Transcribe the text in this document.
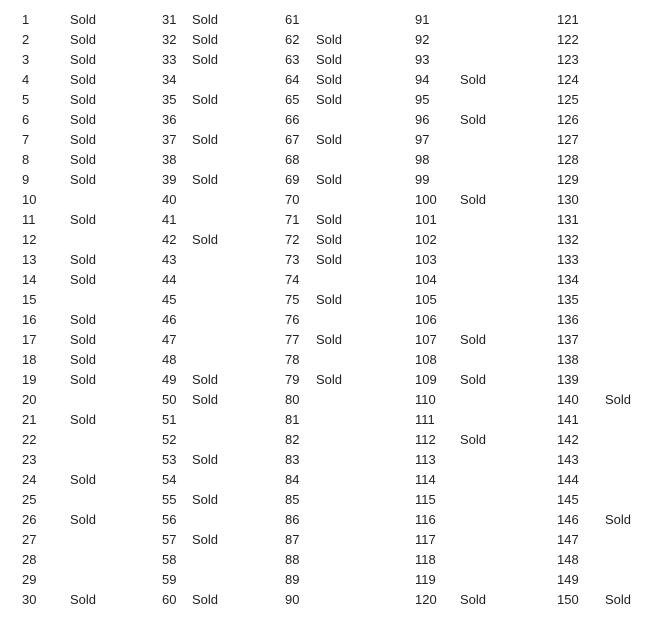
1	Sold
2	Sold
3	Sold
4	Sold
5	Sold
6	Sold
7	Sold
8	Sold
9	Sold
10
11	Sold
12
13	Sold
14	Sold
15
16	Sold
17	Sold
18	Sold
19	Sold
20
21	Sold
22
23
24	Sold
25
26	Sold
27
28
29
30	Sold
31	Sold
32	Sold
33	Sold
34
35	Sold
36
37	Sold
38
39	Sold
40
41
42	Sold
43
44
45
46
47
48
49	Sold
50	Sold
51
52
53	Sold
54
55	Sold
56
57	Sold
58
59
60	Sold
61
62	Sold
63	Sold
64	Sold
65	Sold
66
67	Sold
68
69	Sold
70
71	Sold
72	Sold
73	Sold
74
75	Sold
76
77	Sold
78
79	Sold
80
81
82
83
84
85
86
87
88
89
90
91
92
93
94	Sold
95
96	Sold
97
98
99
100	Sold
101
102
103
104
105
106
107	Sold
108
109	Sold
110
111
112	Sold
113
114
115
116
117
118
119
120	Sold
121
122
123
124
125
126
127
128
129
130
131
132
133
134
135
136
137
138
139
140	Sold
141
142
143
144
145
146	Sold
147
148
149
150	Sold
